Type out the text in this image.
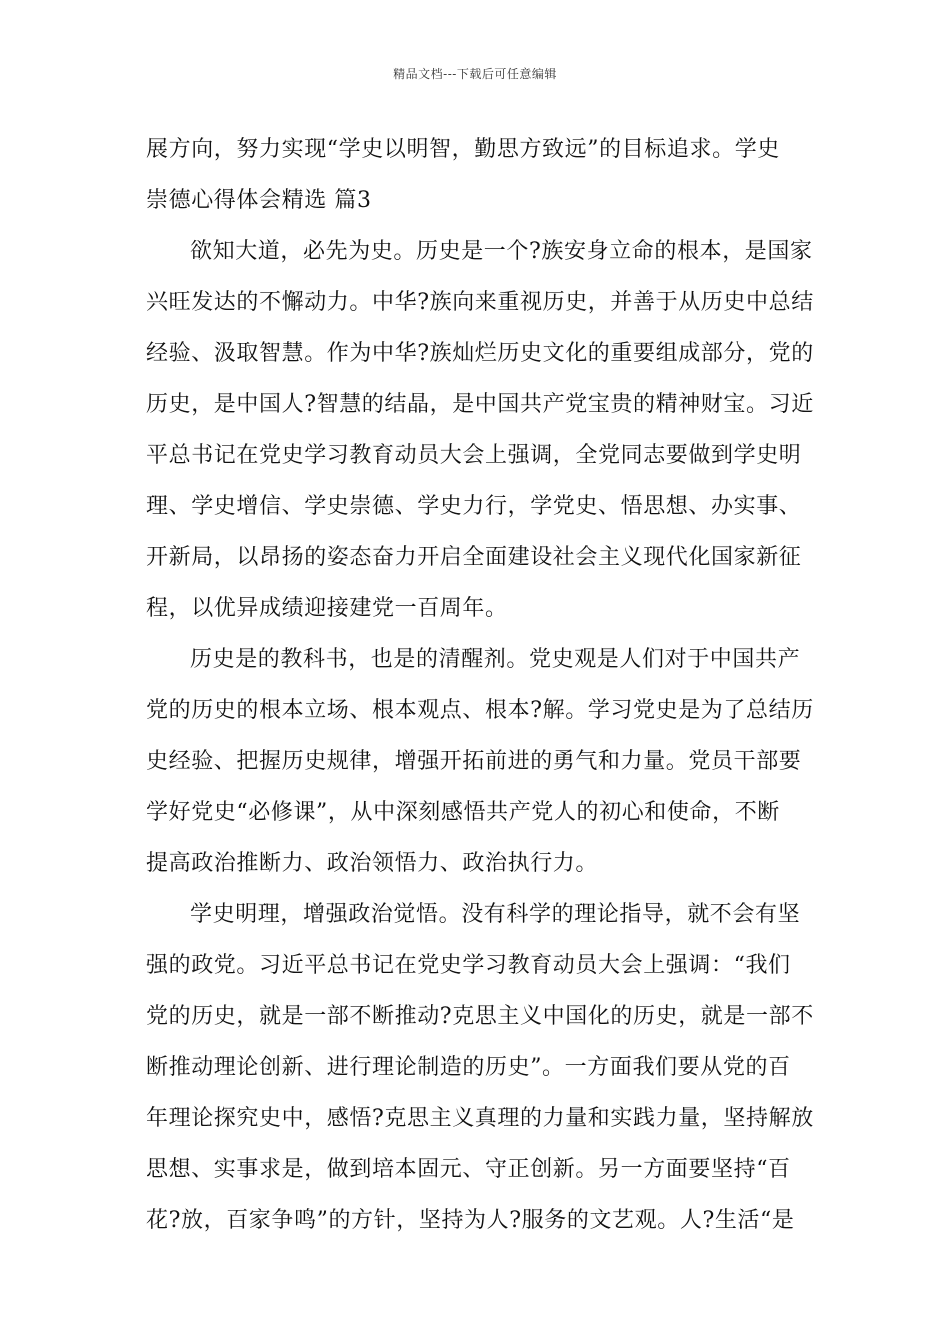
精品文档---下载后可任意编辑
展方向，努力实现“学史以明智，勤思方致远”的目标追求。学史
崇德心得体会精选 篇3
欲知大道，必先为史。历史是一个?族安身立命的根本，是国家
兴旺发达的不懈动力。中华?族向来重视历史，并善于从历史中总结
经验、汲取智慧。作为中华?族灿烂历史文化的重要组成部分，党的
历史，是中国人?智慧的结晶，是中国共产党宝贵的精神财宝。习近
平总书记在党史学习教育动员大会上强调，全党同志要做到学史明
理、学史增信、学史崇德、学史力行，学党史、悟思想、办实事、
开新局，以昂扬的姿态奋力开启全面建设社会主义现代化国家新征
程，以优异成绩迎接建党一百周年。
历史是的教科书，也是的清醒剂。党史观是人们对于中国共产
党的历史的根本立场、根本观点、根本?解。学习党史是为了总结历
史经验、把握历史规律，增强开拓前进的勇气和力量。党员干部要
学好党史“必修课”，从中深刻感悟共产党人的初心和使命，不断
提高政治推断力、政治领悟力、政治执行力。
学史明理，增强政治觉悟。没有科学的理论指导，就不会有坚
强的政党。习近平总书记在党史学习教育动员大会上强调：“我们
党的历史，就是一部不断推动?克思主义中国化的历史，就是一部不
断推动理论创新、进行理论制造的历史”。一方面我们要从党的百
年理论探究史中，感悟?克思主义真理的力量和实践力量，坚持解放
思想、实事求是，做到培本固元、守正创新。另一方面要坚持“百
花?放，百家争鸣”的方针，坚持为人?服务的文艺观。人?生活“是
